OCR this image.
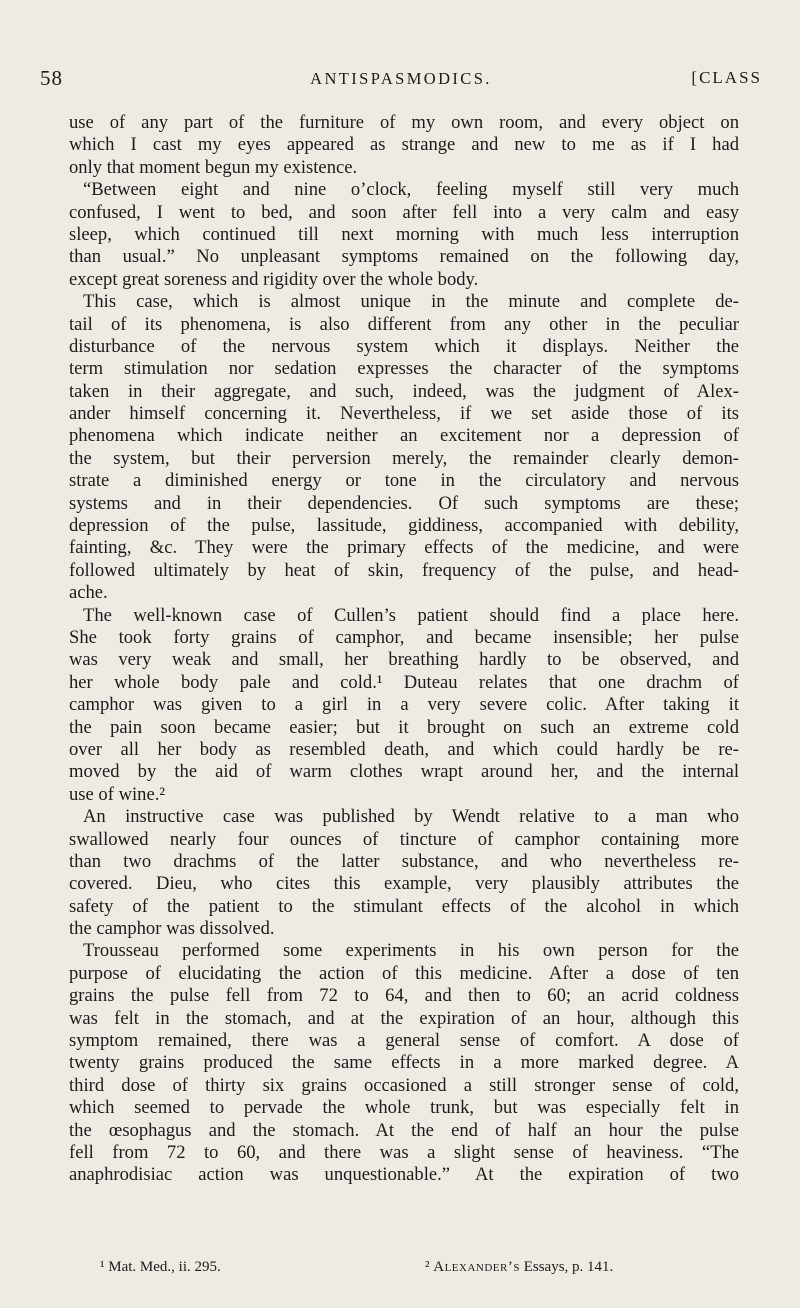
58	ANTISPASMODICS.	[CLASS
use of any part of the furniture of my own room, and every object on
which I cast my eyes appeared as strange and new to me as if I had
only that moment begun my existence.
“Between eight and nine o’clock, feeling myself still very much
confused, I went to bed, and soon after fell into a very calm and easy
sleep, which continued till next morning with much less interruption
than usual.” No unpleasant symptoms remained on the following day,
except great soreness and rigidity over the whole body.
This case, which is almost unique in the minute and complete de-
tail of its phenomena, is also different from any other in the peculiar
disturbance of the nervous system which it displays. Neither the
term stimulation nor sedation expresses the character of the symptoms
taken in their aggregate, and such, indeed, was the judgment of Alex-
ander himself concerning it. Nevertheless, if we set aside those of its
phenomena which indicate neither an excitement nor a depression of
the system, but their perversion merely, the remainder clearly demon-
strate a diminished energy or tone in the circulatory and nervous
systems and in their dependencies. Of such symptoms are these;
depression of the pulse, lassitude, giddiness, accompanied with debility,
fainting, &c. They were the primary effects of the medicine, and were
followed ultimately by heat of skin, frequency of the pulse, and head-
ache.
The well-known case of Cullen’s patient should find a place here.
She took forty grains of camphor, and became insensible; her pulse
was very weak and small, her breathing hardly to be observed, and
her whole body pale and cold.¹ Duteau relates that one drachm of
camphor was given to a girl in a very severe colic. After taking it
the pain soon became easier; but it brought on such an extreme cold
over all her body as resembled death, and which could hardly be re-
moved by the aid of warm clothes wrapt around her, and the internal
use of wine.²
An instructive case was published by Wendt relative to a man who
swallowed nearly four ounces of tincture of camphor containing more
than two drachms of the latter substance, and who nevertheless re-
covered. Dieu, who cites this example, very plausibly attributes the
safety of the patient to the stimulant effects of the alcohol in which
the camphor was dissolved.
Trousseau performed some experiments in his own person for the
purpose of elucidating the action of this medicine. After a dose of ten
grains the pulse fell from 72 to 64, and then to 60; an acrid coldness
was felt in the stomach, and at the expiration of an hour, although this
symptom remained, there was a general sense of comfort. A dose of
twenty grains produced the same effects in a more marked degree. A
third dose of thirty six grains occasioned a still stronger sense of cold,
which seemed to pervade the whole trunk, but was especially felt in
the œsophagus and the stomach. At the end of half an hour the pulse
fell from 72 to 60, and there was a slight sense of heaviness. “The
anaphrodisiac action was unquestionable.” At the expiration of two
¹ Mat. Med., ii. 295.	² Alexander’s Essays, p. 141.
